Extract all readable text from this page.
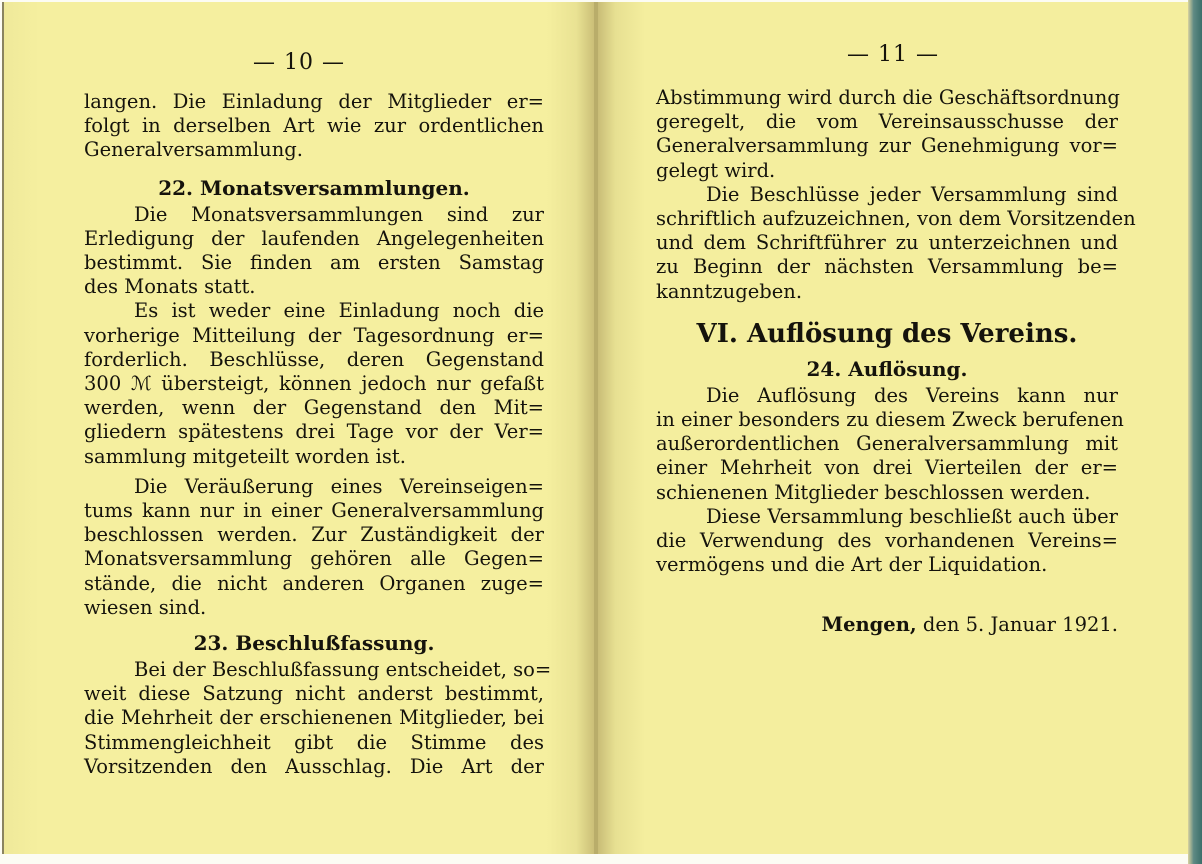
— 10 —
langen. Die Einladung der Mitglieder er=
folgt in derselben Art wie zur ordentlichen
Generalversammlung.
22. Monatsversammlungen.
Die Monatsversammlungen sind zur
Erledigung der laufenden Angelegenheiten
bestimmt. Sie finden am ersten Samstag
des Monats statt.
Es ist weder eine Einladung noch die
vorherige Mitteilung der Tagesordnung er=
forderlich. Beschlüsse, deren Gegenstand
300 ℳ übersteigt, können jedoch nur gefaßt
werden, wenn der Gegenstand den Mit=
gliedern spätestens drei Tage vor der Ver=
sammlung mitgeteilt worden ist.
Die Veräußerung eines Vereinseigen=
tums kann nur in einer Generalversammlung
beschlossen werden. Zur Zuständigkeit der
Monatsversammlung gehören alle Gegen=
stände, die nicht anderen Organen zuge=
wiesen sind.
23. Beschlußfassung.
Bei der Beschlußfassung entscheidet, so=
weit diese Satzung nicht anderst bestimmt,
die Mehrheit der erschienenen Mitglieder, bei
Stimmengleichheit gibt die Stimme des
Vorsitzenden den Ausschlag. Die Art der
— 11 —
Abstimmung wird durch die Geschäftsordnung
geregelt, die vom Vereinsausschusse der
Generalversammlung zur Genehmigung vor=
gelegt wird.
Die Beschlüsse jeder Versammlung sind
schriftlich aufzuzeichnen, von dem Vorsitzenden
und dem Schriftführer zu unterzeichnen und
zu Beginn der nächsten Versammlung be=
kanntzugeben.
VI. Auflösung des Vereins.
24. Auflösung.
Die Auflösung des Vereins kann nur
in einer besonders zu diesem Zweck berufenen
außerordentlichen Generalversammlung mit
einer Mehrheit von drei Vierteilen der er=
schienenen Mitglieder beschlossen werden.
Diese Versammlung beschließt auch über
die Verwendung des vorhandenen Vereins=
vermögens und die Art der Liquidation.
Mengen, den 5. Januar 1921.
